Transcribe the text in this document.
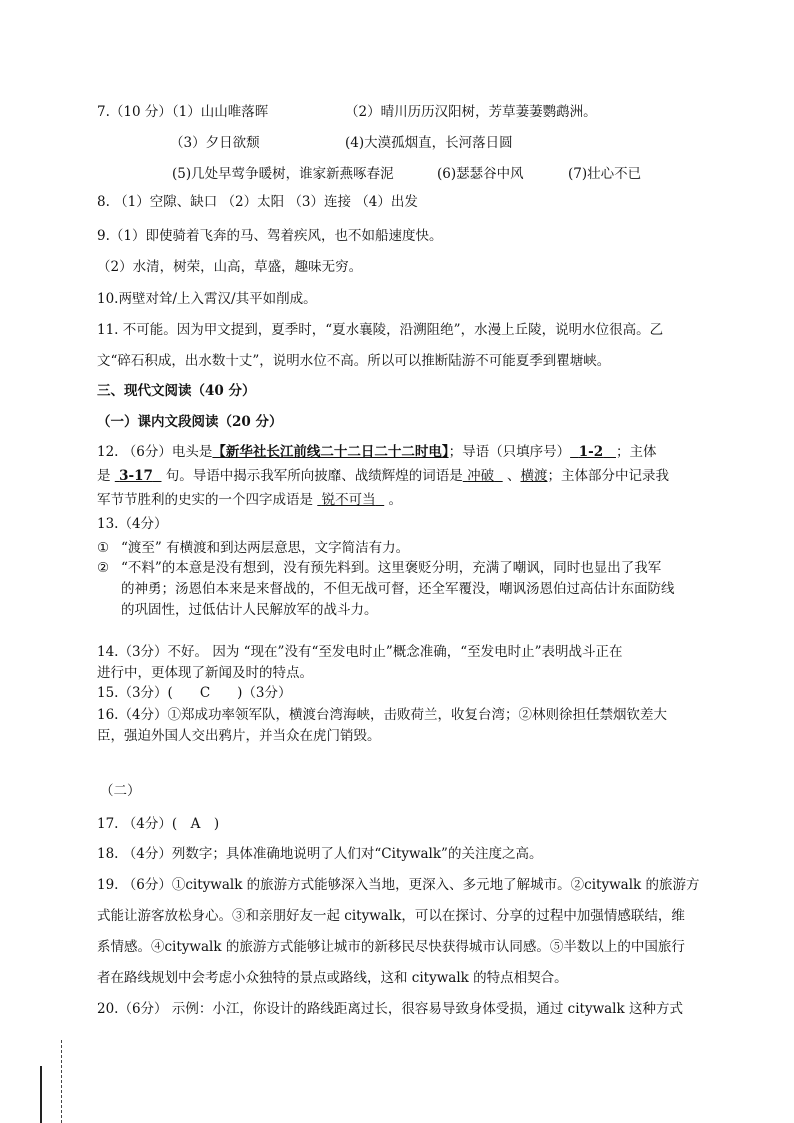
7.（10 分）（1）山山唯落晖	（2）晴川历历汉阳树，芳草萋萋鹦鹉洲。
（3）夕日欲颓	(4)大漠孤烟直，长河落日圆
(5)几处早莺争暖树，谁家新燕啄春泥	(6)瑟瑟谷中风	(7)壮心不已
8. （1）空隙、缺口 （2）太阳 （3）连接 （4）出发
9.（1）即使骑着飞奔的马、驾着疾风，也不如船速度快。
（2）水清，树荣，山高，草盛，趣味无穷。
10.两壁对耸/上入霄汉/其平如削成。
11. 不可能。因为甲文提到，夏季时，“夏水襄陵，沿溯阻绝”，水漫上丘陵，说明水位很高。乙
文“碎石积成，出水数十丈”，说明水位不高。所以可以推断陆游不可能夏季到瞿塘峡。
三、现代文阅读（40 分）
（一）课内文段阅读（20 分）
12. （6分）电头是【新华社长江前线二十二日二十二时电】；导语（只填序号） 1-2 ；主体
是 3-17 句。导语中揭示我军所向披靡、战绩辉煌的词语是 冲破 、横渡；主体部分中记录我
军节节胜利的史实的一个四字成语是 锐不可当 。
13.（4分）
① “渡至” 有横渡和到达两层意思，文字简洁有力。
② “不料”的本意是没有想到，没有预先料到。这里褒贬分明，充满了嘲讽，同时也显出了我军
的神勇；汤恩伯本来是来督战的，不但无战可督，还全军覆没，嘲讽汤恩伯过高估计东面防线
的巩固性，过低估计人民解放军的战斗力。
14.（3分）不好。 因为 “现在”没有“至发电时止”概念准确，“至发电时止”表明战斗正在
进行中，更体现了新闻及时的特点。
15.（3分）(　　C　　)（3分）
16.（4分）①郑成功率领军队，横渡台湾海峡，击败荷兰，收复台湾；②林则徐担任禁烟钦差大
臣，强迫外国人交出鸦片，并当众在虎门销毁。
（二）
17. （4分）(　A　)
18. （4分）列数字；具体准确地说明了人们对“Citywalk”的关注度之高。
19. （6分）①citywalk 的旅游方式能够深入当地，更深入、多元地了解城市。②citywalk 的旅游方
式能让游客放松身心。③和亲朋好友一起 citywalk，可以在探讨、分享的过程中加强情感联结，维
系情感。④citywalk 的旅游方式能够让城市的新移民尽快获得城市认同感。⑤半数以上的中国旅行
者在路线规划中会考虑小众独特的景点或路线，这和 citywalk 的特点相契合。
20.（6分） 示例：小江，你设计的路线距离过长，很容易导致身体受损，通过 citywalk 这种方式
